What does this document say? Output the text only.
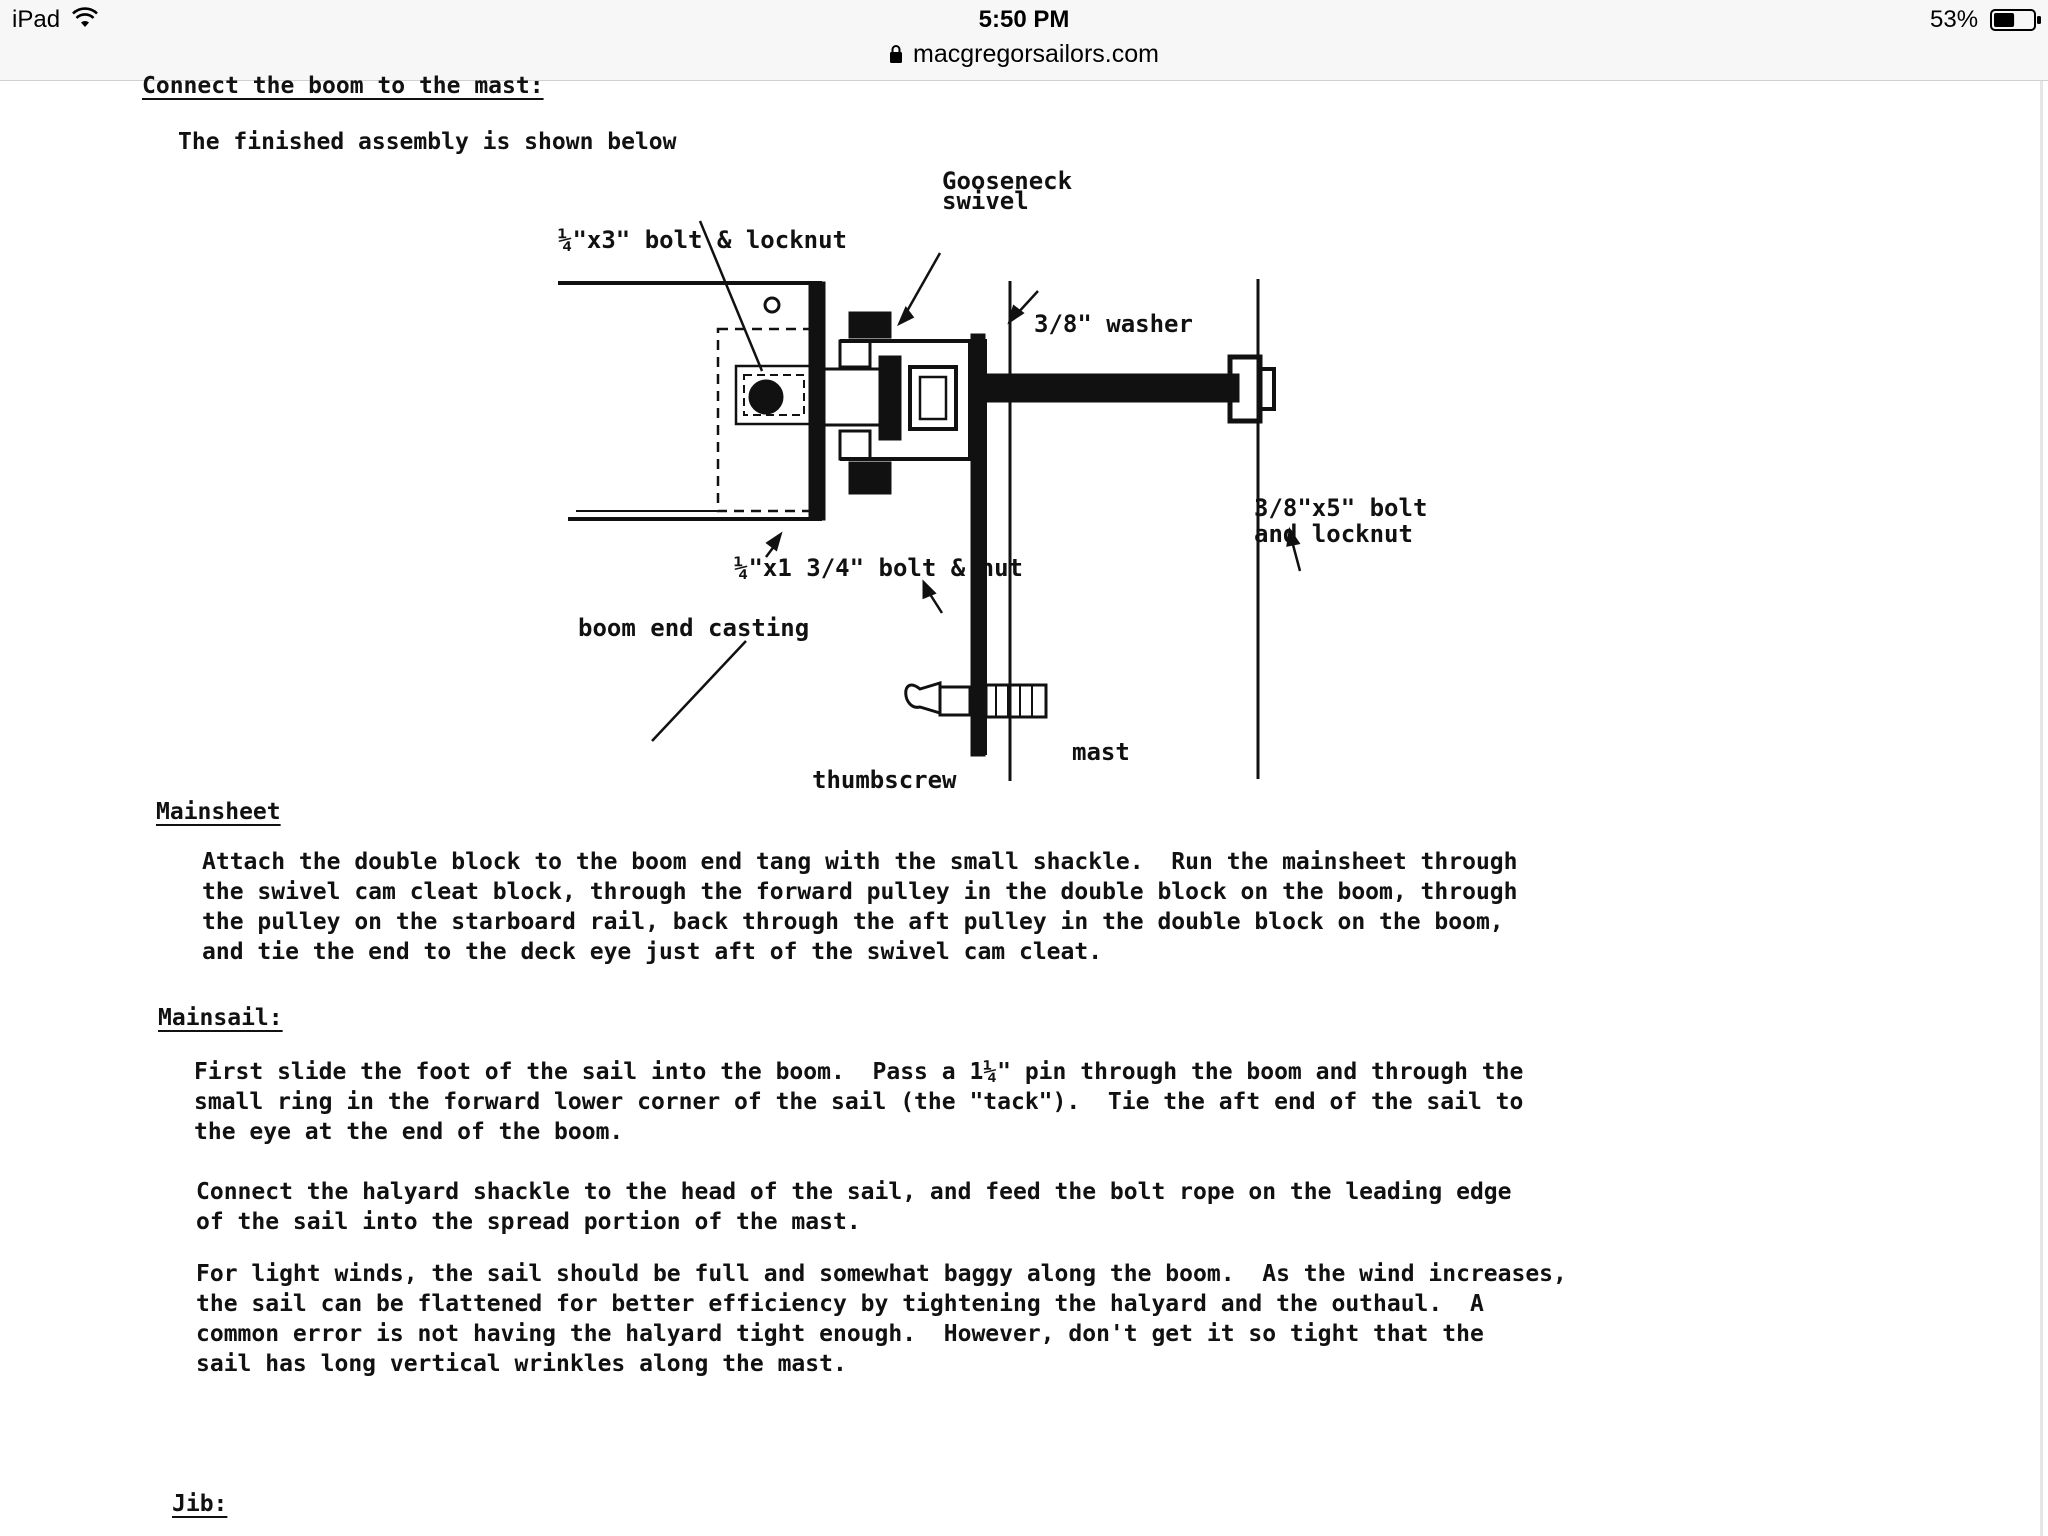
iPad	5:50 PM
macgregorsailors.com
53%
Connect the boom to the mast:
The finished assembly is shown below
Gooseneck
swivel
¼"x3" bolt & locknut
3/8" washer
3/8"x5" bolt
and locknut
¼"x1 3/4" bolt & nut
boom end casting
mast
thumbscrew
Mainsheet
Attach the double block to the boom end tang with the small shackle.  Run the mainsheet through
the swivel cam cleat block, through the forward pulley in the double block on the boom, through
the pulley on the starboard rail, back through the aft pulley in the double block on the boom,
and tie the end to the deck eye just aft of the swivel cam cleat.
Mainsail:
First slide the foot of the sail into the boom.  Pass a 1¼" pin through the boom and through the
small ring in the forward lower corner of the sail (the "tack").  Tie the aft end of the sail to
the eye at the end of the boom.
Connect the halyard shackle to the head of the sail, and feed the bolt rope on the leading edge
of the sail into the spread portion of the mast.
For light winds, the sail should be full and somewhat baggy along the boom.  As the wind increases,
the sail can be flattened for better efficiency by tightening the halyard and the outhaul.  A
common error is not having the halyard tight enough.  However, don't get it so tight that the
sail has long vertical wrinkles along the mast.
Jib:
